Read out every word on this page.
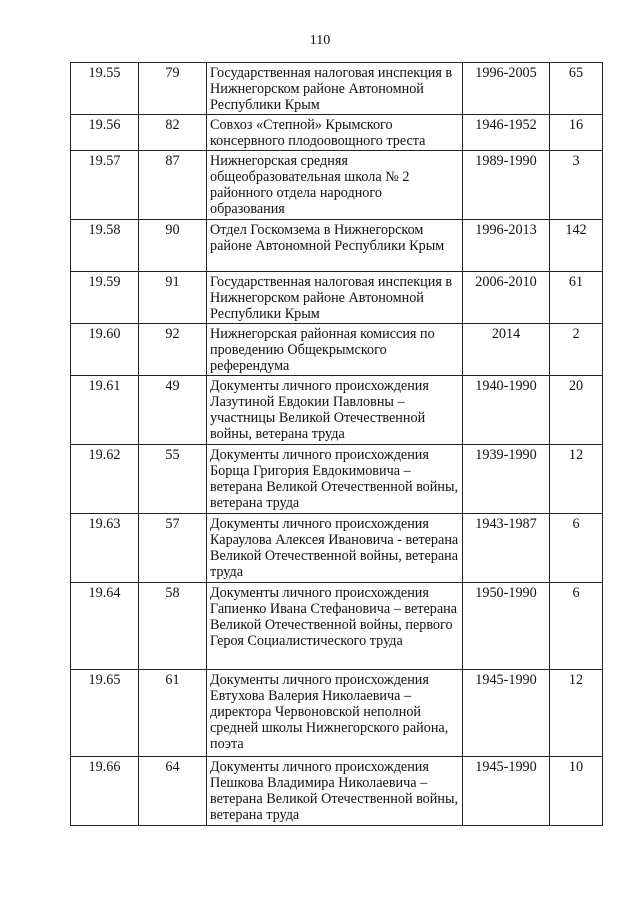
110
19.55	79	Государственная налоговая инспекция в Нижнегорском районе Автономной Республики Крым	1996-2005	65
19.56	82	Совхоз «Степной» Крымского консервного плодоовощного треста	1946-1952	16
19.57	87	Нижнегорская средняя общеобразовательная школа № 2 районного отдела народного образования	1989-1990	3
19.58	90	Отдел Госкомзема в Нижнегорском районе Автономной Республики Крым	1996-2013	142
19.59	91	Государственная налоговая инспекция в Нижнегорском районе Автономной Республики Крым	2006-2010	61
19.60	92	Нижнегорская районная комиссия по проведению Общекрымского референдума	2014	2
19.61	49	Документы личного происхождения Лазутиной Евдокии Павловны – участницы Великой Отечественной войны, ветерана труда	1940-1990	20
19.62	55	Документы личного происхождения Борща Григория Евдокимовича – ветерана Великой Отечественной войны, ветерана труда	1939-1990	12
19.63	57	Документы личного происхождения Караулова Алексея Ивановича - ветерана Великой Отечественной войны, ветерана труда	1943-1987	6
19.64	58	Документы личного происхождения Гапиенко Ивана Стефановича – ветерана Великой Отечественной войны, первого Героя Социалистического труда	1950-1990	6
19.65	61	Документы личного происхождения Евтухова Валерия Николаевича – директора Червоновской неполной средней школы Нижнегорского района, поэта	1945-1990	12
19.66	64	Документы личного происхождения Пешкова Владимира Николаевича – ветерана Великой Отечественной войны, ветерана труда	1945-1990	10
